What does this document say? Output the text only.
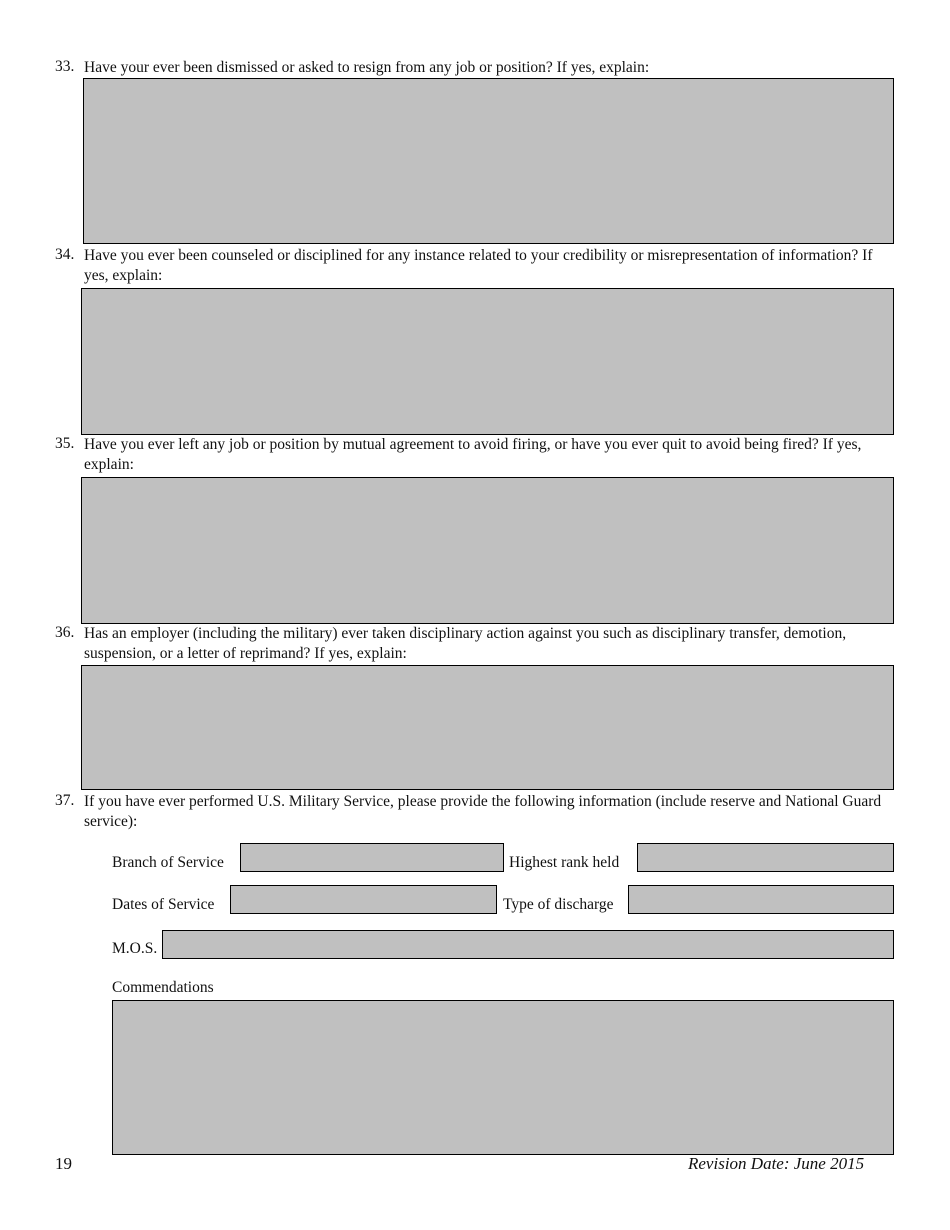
33. Have your ever been dismissed or asked to resign from any job or position? If yes, explain:
34. Have you ever been counseled or disciplined for any instance related to your credibility or misrepresentation of information? If yes, explain:
35. Have you ever left any job or position by mutual agreement to avoid firing, or have you ever quit to avoid being fired? If yes, explain:
36. Has an employer (including the military) ever taken disciplinary action against you such as disciplinary transfer, demotion, suspension, or a letter of reprimand? If yes, explain:
37. If you have ever performed U.S. Military Service, please provide the following information (include reserve and National Guard service):
Branch of Service	Highest rank held
Dates of Service	Type of discharge
M.O.S.
Commendations
19	Revision Date: June 2015
